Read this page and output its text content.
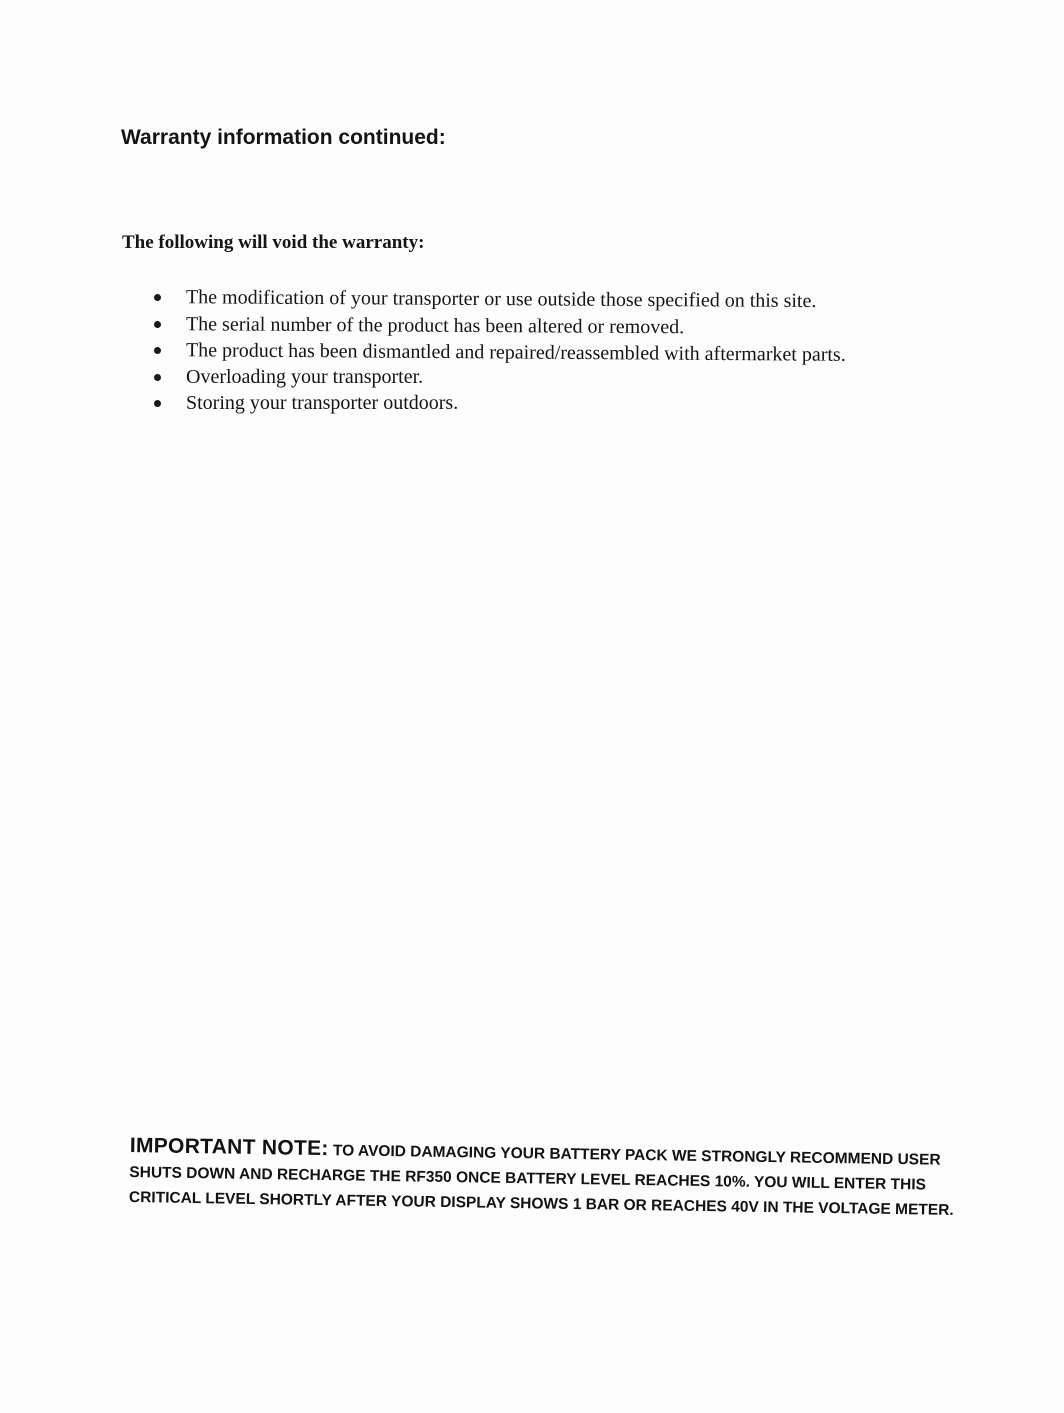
Warranty information continued:
The following will void the warranty:
The modification of your transporter or use outside those specified on this site.
The serial number of the product has been altered or removed.
The product has been dismantled and repaired/reassembled with aftermarket parts.
Overloading your transporter.
Storing your transporter outdoors.

IMPORTANT NOTE: TO AVOID DAMAGING YOUR BATTERY PACK WE STRONGLY RECOMMEND USER SHUTS DOWN AND RECHARGE THE RF350 ONCE BATTERY LEVEL REACHES 10%. YOU WILL ENTER THIS CRITICAL LEVEL SHORTLY AFTER YOUR DISPLAY SHOWS 1 BAR OR REACHES 40V IN THE VOLTAGE METER.
